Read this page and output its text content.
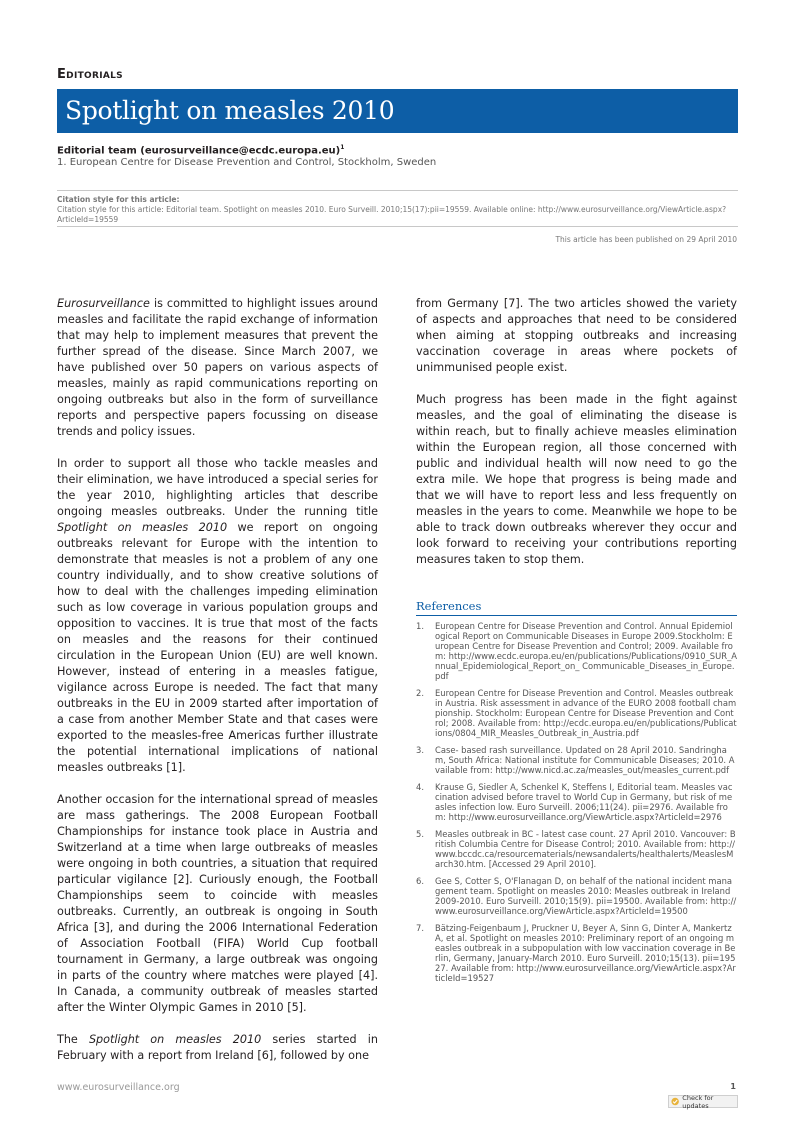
Editorials
Spotlight on measles 2010
Editorial team (eurosurveillance@ecdc.europa.eu)$^1$
1. European Centre for Disease Prevention and Control, Stockholm, Sweden
Citation style for this article:
Citation style for this article: Editorial team. Spotlight on measles 2010. Euro Surveill. 2010;15(17):pii=19559. Available online: http://www.eurosurveillance.org/ViewArticle.aspx?ArticleId=19559
This article has been published on 29 April 2010

Eurosurveillance is committed to highlight issues around measles and facilitate the rapid exchange of information that may help to implement measures that prevent the further spread of the disease. Since March 2007, we have published over 50 papers on various aspects of measles, mainly as rapid communications reporting on ongoing outbreaks but also in the form of surveillance reports and perspective papers focussing on disease trends and policy issues.

In order to support all those who tackle measles and their elimination, we have introduced a special series for the year 2010, highlighting articles that describe ongoing measles outbreaks. Under the running title Spotlight on measles 2010 we report on ongoing outbreaks relevant for Europe with the intention to demonstrate that measles is not a problem of any one country individually, and to show creative solutions of how to deal with the challenges impeding elimination such as low coverage in various population groups and opposition to vaccines. It is true that most of the facts on measles and the reasons for their continued circulation in the European Union (EU) are well known. However, instead of entering in a measles fatigue, vigilance across Europe is needed. The fact that many outbreaks in the EU in 2009 started after importation of a case from another Member State and that cases were exported to the measles-free Americas further illustrate the potential international implications of national measles outbreaks [1].

Another occasion for the international spread of measles are mass gatherings. The 2008 European Football Championships for instance took place in Austria and Switzerland at a time when large outbreaks of measles were ongoing in both countries, a situation that required particular vigilance [2]. Curiously enough, the Football Championships seem to coincide with measles outbreaks. Currently, an outbreak is ongoing in South Africa [3], and during the 2006 International Federation of Association Football (FIFA) World Cup football tournament in Germany, a large outbreak was ongoing in parts of the country where matches were played [4]. In Canada, a community outbreak of measles started after the Winter Olympic Games in 2010 [5].

The Spotlight on measles 2010 series started in February with a report from Ireland [6], followed by one

from Germany [7]. The two articles showed the variety of aspects and approaches that need to be considered when aiming at stopping outbreaks and increasing vaccination coverage in areas where pockets of unimmunised people exist.

Much progress has been made in the fight against measles, and the goal of eliminating the disease is within reach, but to finally achieve measles elimination within the European region, all those concerned with public and individual health will now need to go the extra mile. We hope that progress is being made and that we will have to report less and less frequently on measles in the years to come. Meanwhile we hope to be able to track down outbreaks wherever they occur and look forward to receiving your contributions reporting measures taken to stop them.

References
1. European Centre for Disease Prevention and Control. Annual Epidemiological Report on Communicable Diseases in Europe 2009.Stockholm: European Centre for Disease Prevention and Control; 2009. Available from: http://www.ecdc.europa.eu/en/publications/Publications/0910_SUR_Annual_Epidemiological_Report_on_ Communicable_Diseases_in_Europe.pdf
2. European Centre for Disease Prevention and Control. Measles outbreak in Austria. Risk assessment in advance of the EURO 2008 football championship. Stockholm: European Centre for Disease Prevention and Control; 2008. Available from: http://ecdc.europa.eu/en/publications/Publications/0804_MIR_Measles_Outbreak_in_Austria.pdf
3. Case- based rash surveillance. Updated on 28 April 2010. Sandringham, South Africa: National institute for Communicable Diseases; 2010. Available from: http://www.nicd.ac.za/measles_out/measles_current.pdf
4. Krause G, Siedler A, Schenkel K, Steffens I, Editorial team. Measles vaccination advised before travel to World Cup in Germany, but risk of measles infection low. Euro Surveill. 2006;11(24). pii=2976. Available from: http://www.eurosurveillance.org/ViewArticle.aspx?ArticleId=2976
5. Measles outbreak in BC - latest case count. 27 April 2010. Vancouver: British Columbia Centre for Disease Control; 2010. Available from: http://www.bccdc.ca/resourcematerials/newsandalerts/healthalerts/MeaslesMarch30.htm. [Accessed 29 April 2010].
6. Gee S, Cotter S, O'Flanagan D, on behalf of the national incident management team. Spotlight on measles 2010: Measles outbreak in Ireland 2009-2010. Euro Surveill. 2010;15(9). pii=19500. Available from: http://www.eurosurveillance.org/ViewArticle.aspx?ArticleId=19500
7. Bätzing-Feigenbaum J, Pruckner U, Beyer A, Sinn G, Dinter A, Mankertz A, et al. Spotlight on measles 2010: Preliminary report of an ongoing measles outbreak in a subpopulation with low vaccination coverage in Berlin, Germany, January-March 2010. Euro Surveill. 2010;15(13). pii=19527. Available from: http://www.eurosurveillance.org/ViewArticle.aspx?ArticleId=19527
www.eurosurveillance.org	1
Check for updates
